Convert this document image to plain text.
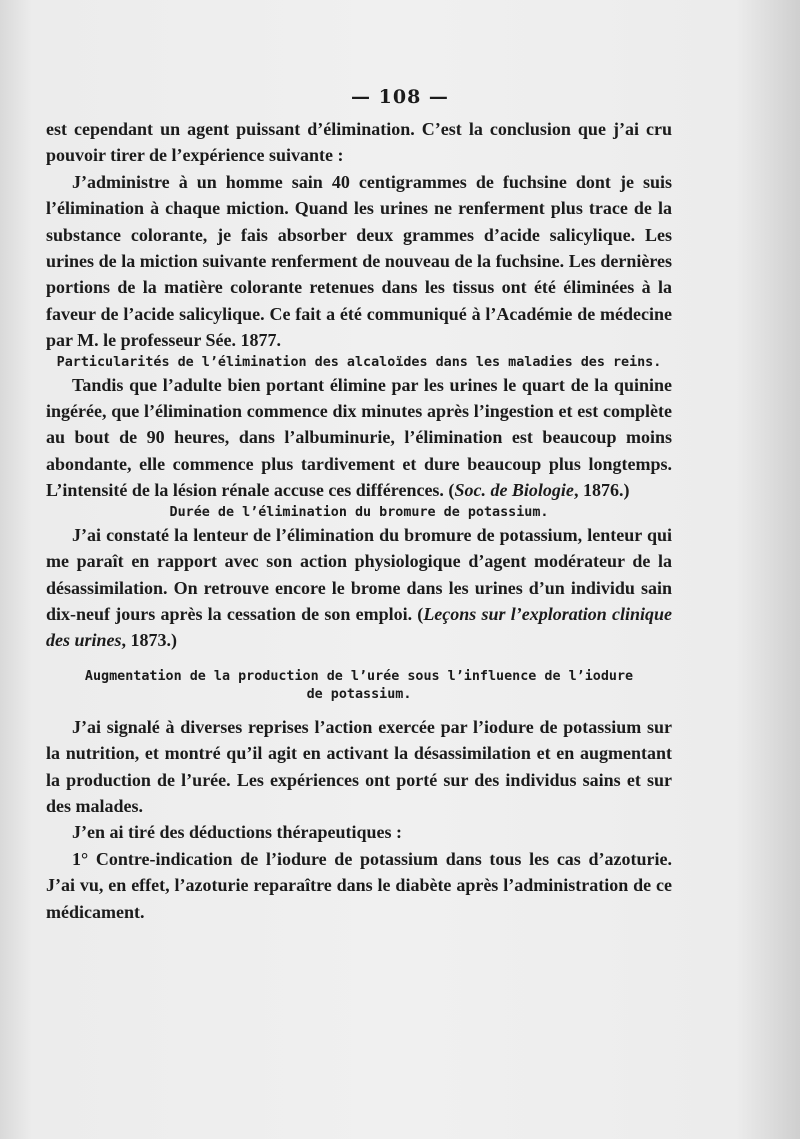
— 108 —

est cependant un agent puissant d’élimination. C’est la conclusion que j’ai cru pouvoir tirer de l’expérience suivante :

J’administre à un homme sain 40 centigrammes de fuchsine dont je suis l’élimination à chaque miction. Quand les urines ne renferment plus trace de la substance colorante, je fais absorber deux grammes d’acide salicylique. Les urines de la miction suivante renferment de nouveau de la fuchsine. Les dernières portions de la matière colorante retenues dans les tissus ont été éliminées à la faveur de l’acide salicylique. Ce fait a été communiqué à l’Académie de médecine par M. le professeur Sée. 1877.

Particularités de l’élimination des alcaloïdes dans les maladies des reins.

Tandis que l’adulte bien portant élimine par les urines le quart de la quinine ingérée, que l’élimination commence dix minutes après l’ingestion et est complète au bout de 90 heures, dans l’albuminurie, l’élimination est beaucoup moins abondante, elle commence plus tardivement et dure beaucoup plus longtemps. L’intensité de la lésion rénale accuse ces différences. (Soc. de Biologie, 1876.)

Durée de l’élimination du bromure de potassium.

J’ai constaté la lenteur de l’élimination du bromure de potassium, lenteur qui me paraît en rapport avec son action physiologique d’agent modérateur de la désassimilation. On retrouve encore le brome dans les urines d’un individu sain dix-neuf jours après la cessation de son emploi. (Leçons sur l’exploration clinique des urines, 1873.)

Augmentation de la production de l’urée sous l’influence de l’iodure
de potassium.

J’ai signalé à diverses reprises l’action exercée par l’iodure de potassium sur la nutrition, et montré qu’il agit en activant la désassimilation et en augmentant la production de l’urée. Les expériences ont porté sur des individus sains et sur des malades.

J’en ai tiré des déductions thérapeutiques :

1° Contre-indication de l’iodure de potassium dans tous les cas d’azoturie. J’ai vu, en effet, l’azoturie reparaître dans le diabète après l’administration de ce médicament.
